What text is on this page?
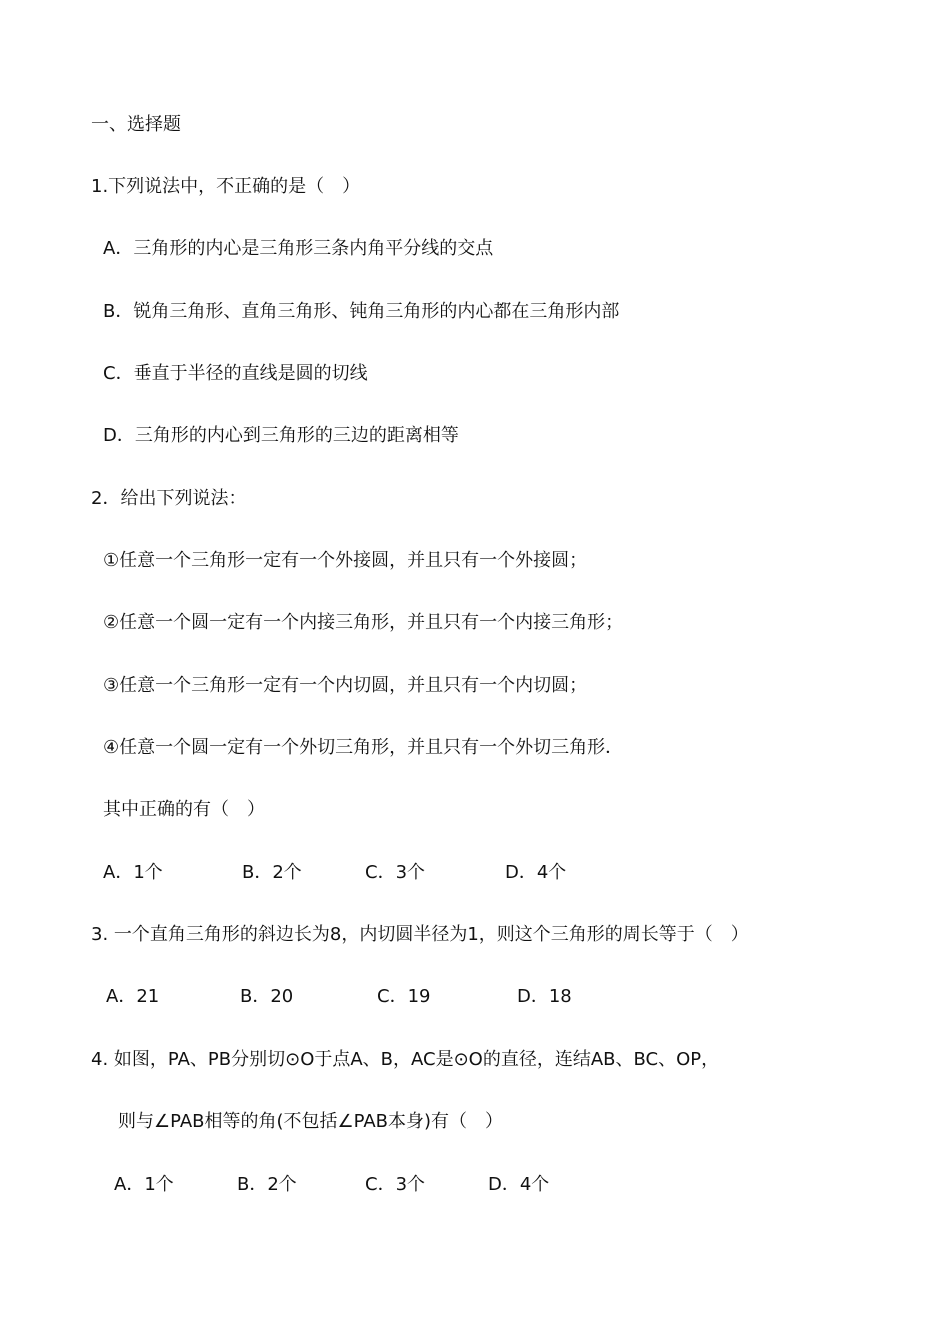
一、选择题
1.下列说法中，不正确的是（　）
A．三角形的内心是三角形三条内角平分线的交点
B．锐角三角形、直角三角形、钝角三角形的内心都在三角形内部
C．垂直于半径的直线是圆的切线
D．三角形的内心到三角形的三边的距离相等
2．给出下列说法：
①任意一个三角形一定有一个外接圆，并且只有一个外接圆；
②任意一个圆一定有一个内接三角形，并且只有一个内接三角形；
③任意一个三角形一定有一个内切圆，并且只有一个内切圆；
④任意一个圆一定有一个外切三角形，并且只有一个外切三角形．
其中正确的有（　）
A．1个	B．2个	C．3个	D．4个
3. 一个直角三角形的斜边长为8，内切圆半径为1，则这个三角形的周长等于（　）
A．21	B．20	C．19	D．18
4. 如图，PA、PB分别切⊙O于点A、B，AC是⊙O的直径，连结AB、BC、OP，
则与∠PAB相等的角(不包括∠PAB本身)有（　）
A．1个	B．2个	C．3个	D．4个
